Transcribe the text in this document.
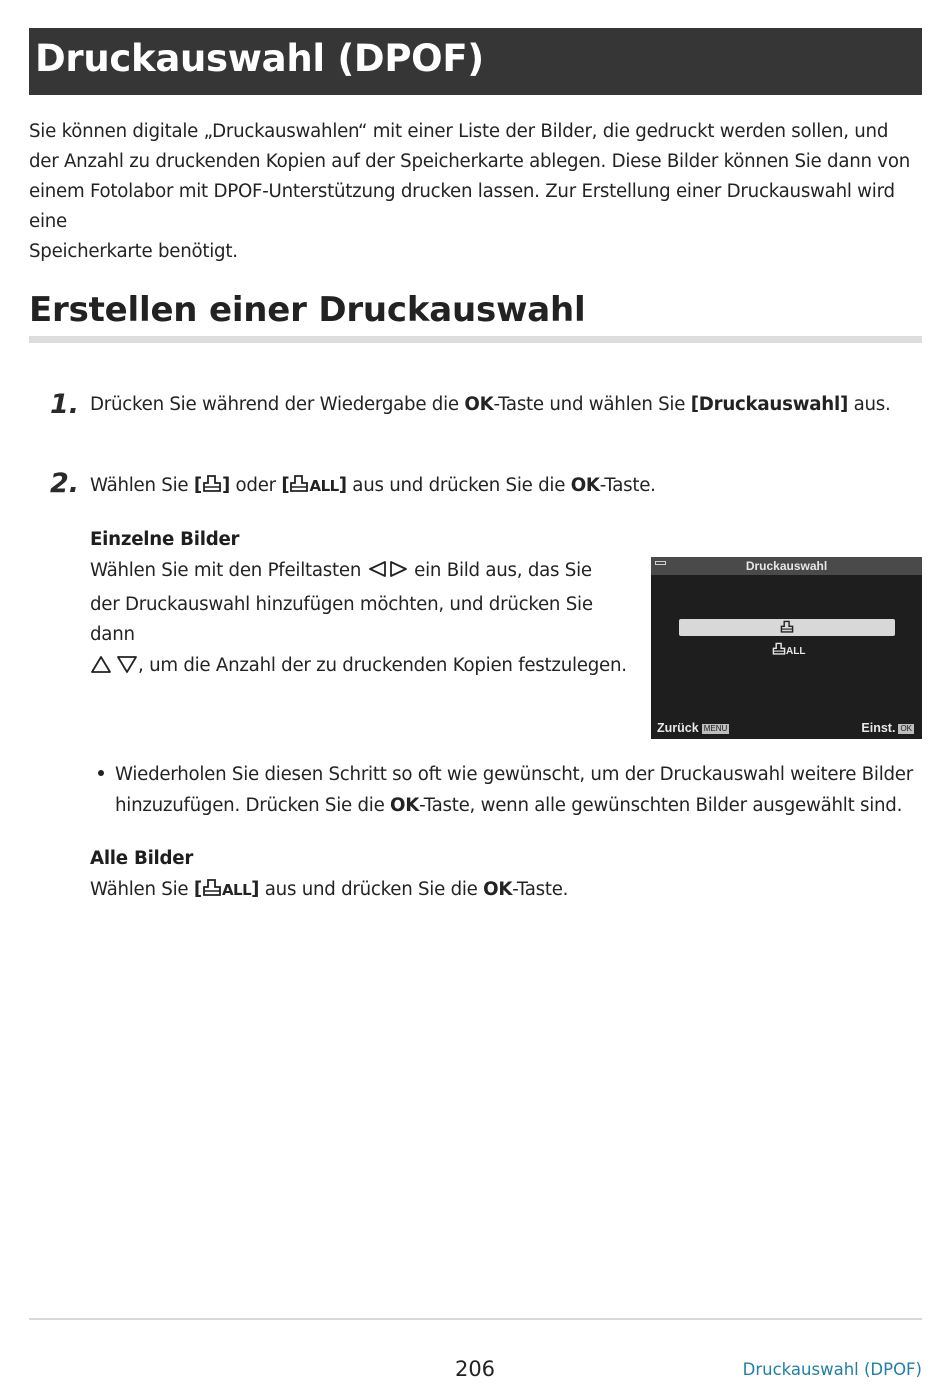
Druckauswahl (DPOF)
Sie können digitale „Druckauswahlen“ mit einer Liste der Bilder, die gedruckt werden sollen, und
der Anzahl zu druckenden Kopien auf der Speicherkarte ablegen. Diese Bilder können Sie dann von
einem Fotolabor mit DPOF-Unterstützung drucken lassen. Zur Erstellung einer Druckauswahl wird eine
Speicherkarte benötigt.
Erstellen einer Druckauswahl
1. Drücken Sie während der Wiedergabe die OK-Taste und wählen Sie [Druckauswahl] aus.
2. Wählen Sie [ ] oder [ ALL] aus und drücken Sie die OK-Taste.
Einzelne Bilder
Wählen Sie mit den Pfeiltasten  ein Bild aus, das Sie
der Druckauswahl hinzufügen möchten, und drücken Sie dann
, um die Anzahl der zu druckenden Kopien festzulegen.
Druckauswahl
ALL
Zurück MENU	Einst. OK
Wiederholen Sie diesen Schritt so oft wie gewünscht, um der Druckauswahl weitere Bilder
hinzuzufügen. Drücken Sie die OK-Taste, wenn alle gewünschten Bilder ausgewählt sind.
Alle Bilder
Wählen Sie [ ALL] aus und drücken Sie die OK-Taste.
206	Druckauswahl (DPOF)
